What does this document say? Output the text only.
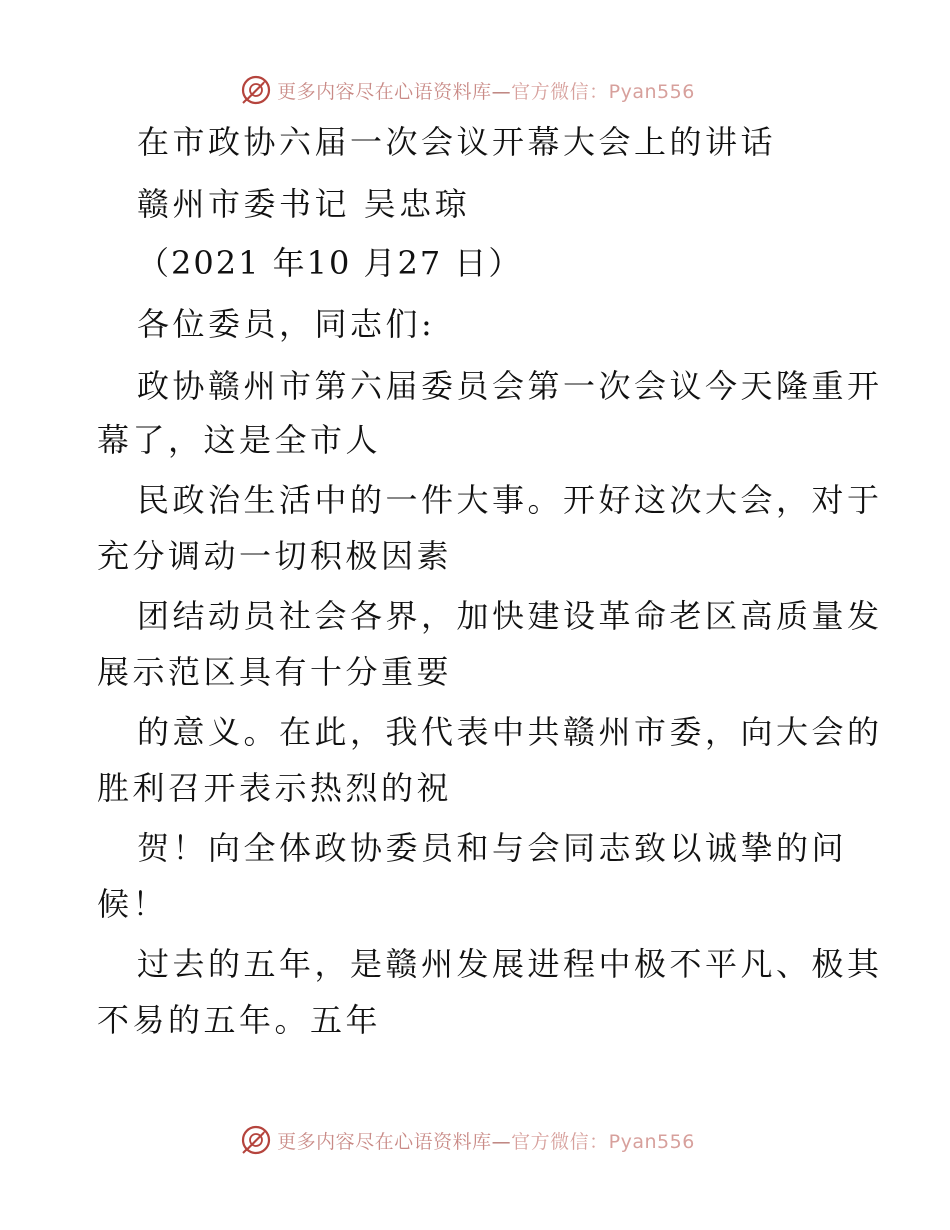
更多内容尽在心语资料库—官方微信：Pyan556
在市政协六届一次会议开幕大会上的讲话
赣州市委书记 吴忠琼
（2021 年10 月27 日）
各位委员，同志们:
政协赣州市第六届委员会第一次会议今天隆重开
幕了，这是全市人
民政治生活中的一件大事。开好这次大会，对于
充分调动一切积极因素
团结动员社会各界，加快建设革命老区高质量发
展示范区具有十分重要
的意义。在此，我代表中共赣州市委，向大会的
胜利召开表示热烈的祝
贺！向全体政协委员和与会同志致以诚挚的问
候！
过去的五年，是赣州发展进程中极不平凡、极其
不易的五年。五年
更多内容尽在心语资料库—官方微信：Pyan556
